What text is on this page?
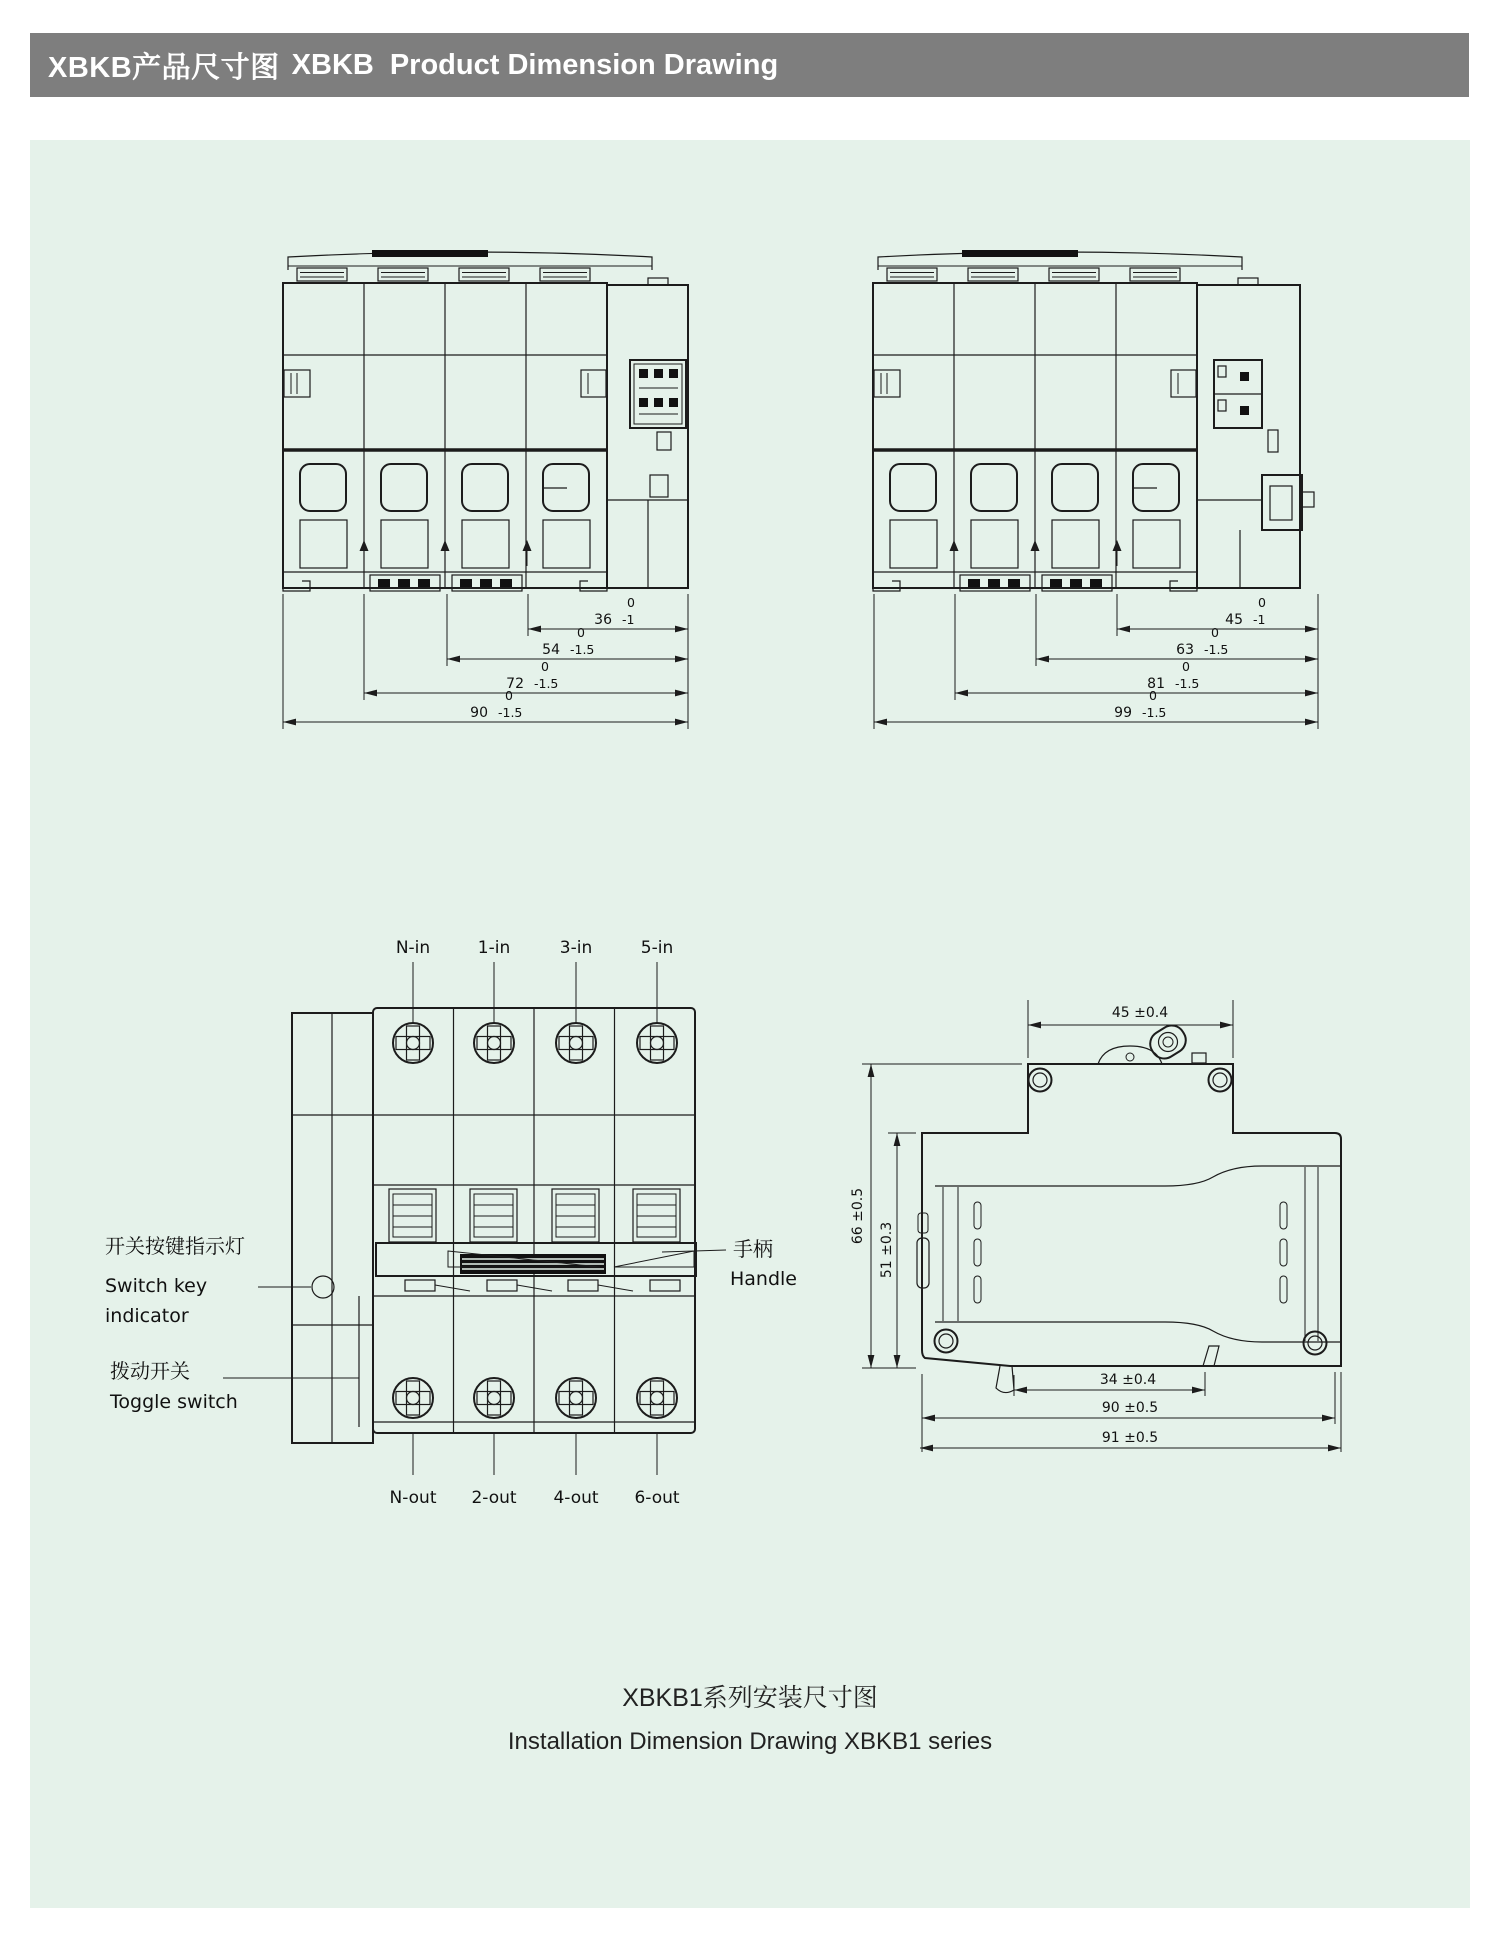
XBKB产品尺寸图 XBKB Product Dimension Drawing
36 -1
0
54 -1.5
0
72 -1.5
0
90 -1.5
0
45 -1
0
63 -1.5
0
81 -1.5
0
99 -1.5
0
N-in	1-in	3-in	5-in
N-out 2-out 4-out 6-out
开关按键指示灯
Switch key
indicator
拨动开关
Toggle switch
手柄
Handle
45 ±0.4
66 ±0.5
51 ±0.3
34 ±0.4
90 ±0.5
91 ±0.5

XBKB1系列安装尺寸图

Installation Dimension Drawing XBKB1 series
